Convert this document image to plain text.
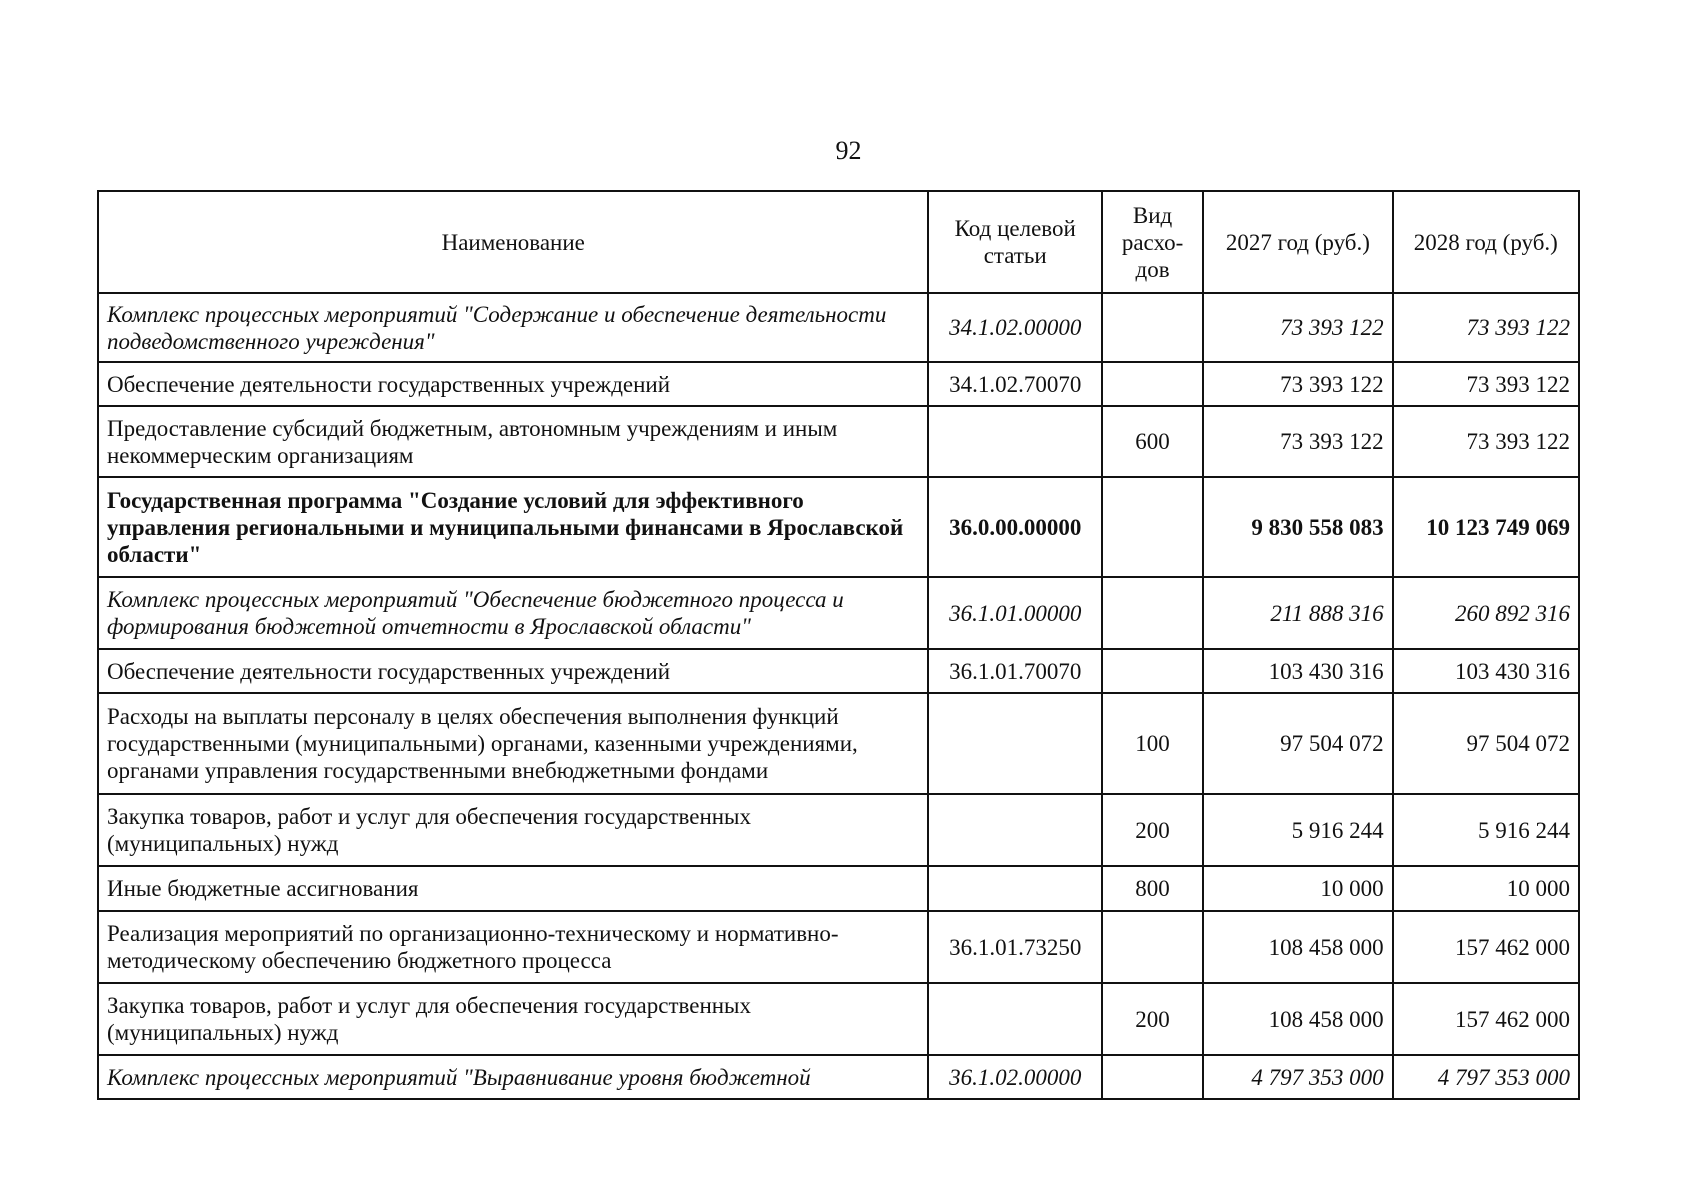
92
Наименование	Код целевой статьи	Вид расхо-дов	2027 год (руб.)	2028 год (руб.)
Комплекс процессных мероприятий "Содержание и обеспечение деятельности подведомственного учреждения"	34.1.02.00000		73 393 122	73 393 122
Обеспечение деятельности государственных учреждений	34.1.02.70070		73 393 122	73 393 122
Предоставление субсидий бюджетным, автономным учреждениям и иным некоммерческим организациям		600	73 393 122	73 393 122
Государственная программа "Создание условий для эффективного управления региональными и муниципальными финансами в Ярославской области"	36.0.00.00000		9 830 558 083	10 123 749 069
Комплекс процессных мероприятий "Обеспечение бюджетного процесса и формирования бюджетной отчетности в Ярославской области"	36.1.01.00000		211 888 316	260 892 316
Обеспечение деятельности государственных учреждений	36.1.01.70070		103 430 316	103 430 316
Расходы на выплаты персоналу в целях обеспечения выполнения функций государственными (муниципальными) органами, казенными учреждениями, органами управления государственными внебюджетными фондами		100	97 504 072	97 504 072
Закупка товаров, работ и услуг для обеспечения государственных (муниципальных) нужд		200	5 916 244	5 916 244
Иные бюджетные ассигнования		800	10 000	10 000
Реализация мероприятий по организационно-техническому и нормативно-методическому обеспечению бюджетного процесса	36.1.01.73250		108 458 000	157 462 000
Закупка товаров, работ и услуг для обеспечения государственных (муниципальных) нужд		200	108 458 000	157 462 000
Комплекс процессных мероприятий "Выравнивание уровня бюджетной	36.1.02.00000		4 797 353 000	4 797 353 000
